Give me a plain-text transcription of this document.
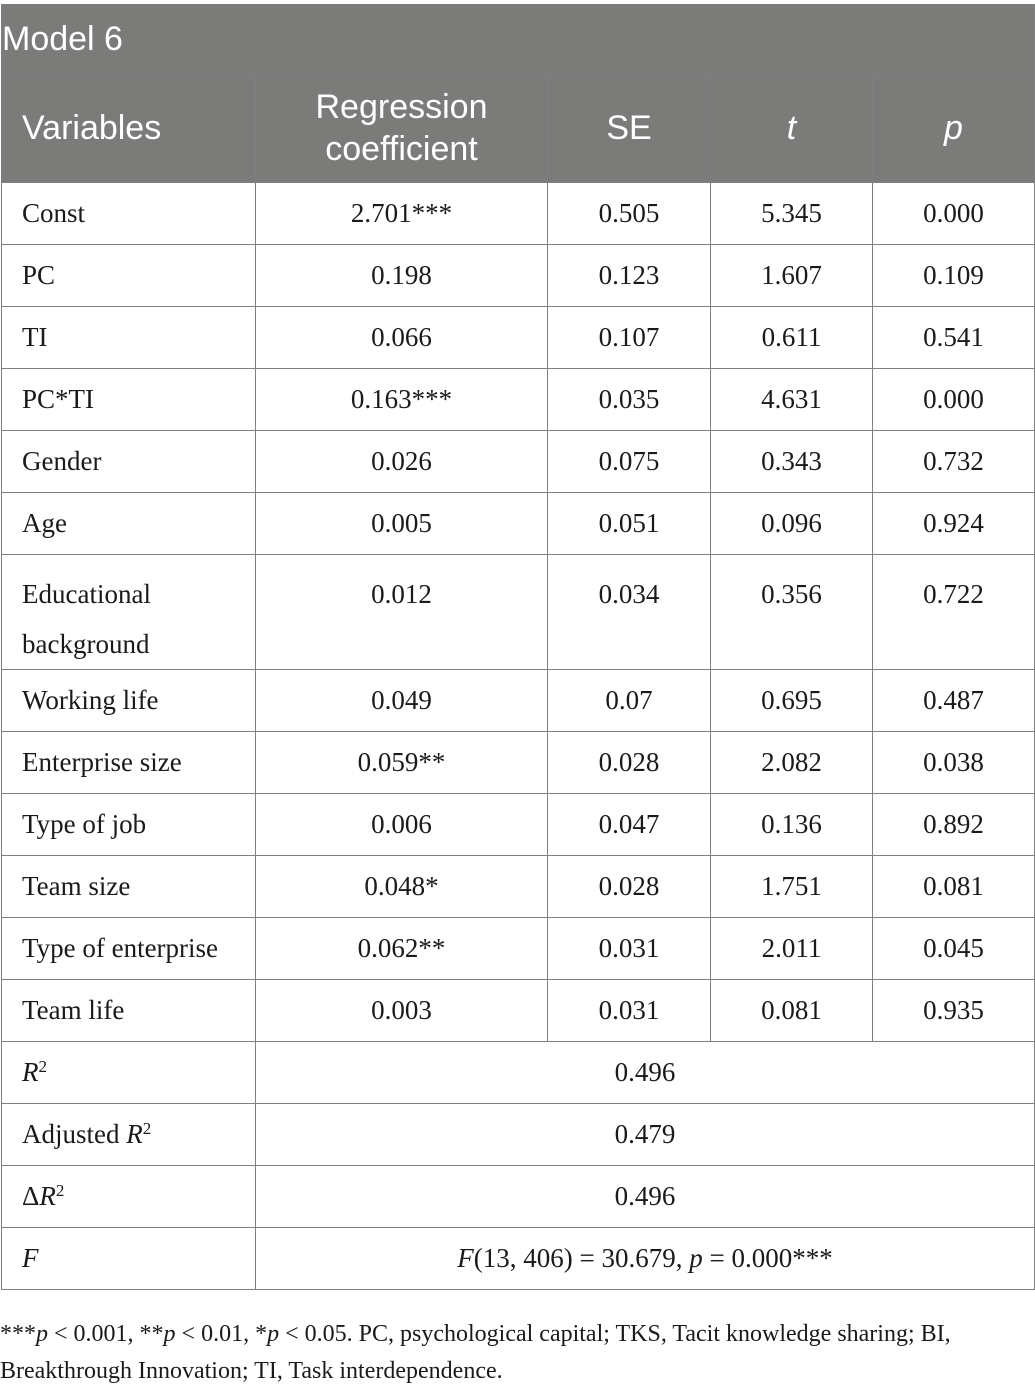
Model 6				
Variables	Regression coefficient	SE	t	p
Const	2.701***	0.505	5.345	0.000
PC	0.198	0.123	1.607	0.109
TI	0.066	0.107	0.611	0.541
PC*TI	0.163***	0.035	4.631	0.000
Gender	0.026	0.075	0.343	0.732
Age	0.005	0.051	0.096	0.924
Educational background	0.012	0.034	0.356	0.722
Working life	0.049	0.07	0.695	0.487
Enterprise size	0.059**	0.028	2.082	0.038
Type of job	0.006	0.047	0.136	0.892
Team size	0.048*	0.028	1.751	0.081
Type of enterprise	0.062**	0.031	2.011	0.045
Team life	0.003	0.031	0.081	0.935
$R^2$	0.496			
Adjusted $R^2$	0.479			
$\Delta R^2$	0.496			
F	F(13, 406) = 30.679, p = 0.000***			
***p < 0.001, **p < 0.01, *p < 0.05. PC, psychological capital; TKS, Tacit knowledge sharing; BI, Breakthrough Innovation; TI, Task interdependence.
